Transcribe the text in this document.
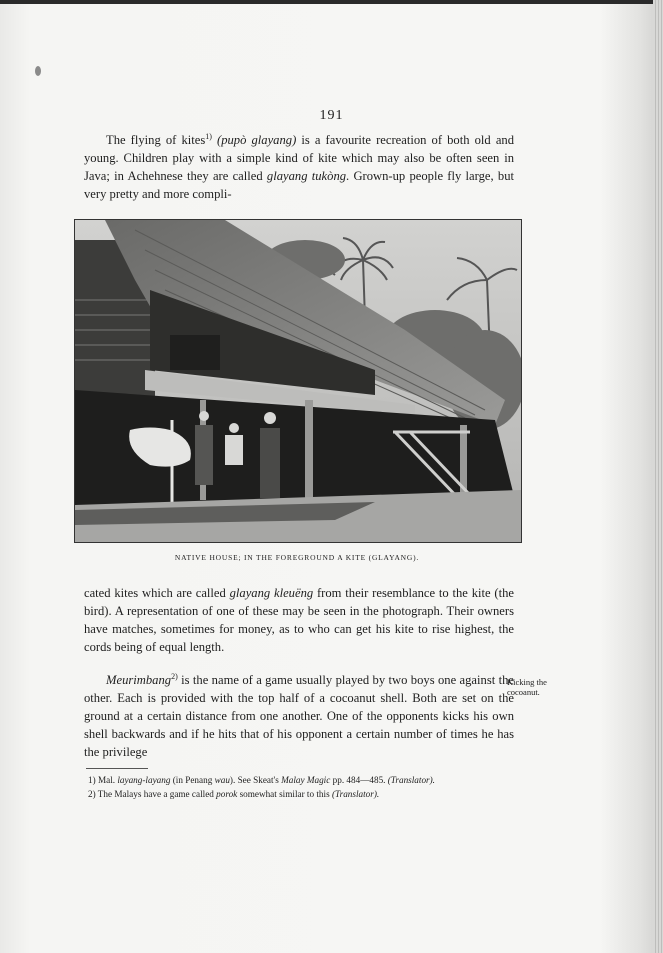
191

The flying of kites$^{1)}$ (pupò glayang) is a favourite recreation of both old and young. Children play with a simple kind of kite which may also be often seen in Java; in Achehnese they are called glayang tukòng. Grown-up people fly large, but very pretty and more compli-

NATIVE HOUSE; IN THE FOREGROUND A KITE (GLAYANG).

cated kites which are called glayang kleuëng from their resemblance to the kite (the bird). A representation of one of these may be seen in the photograph. Their owners have matches, sometimes for money, as to who can get his kite to rise highest, the cords being of equal length.

Meurimbang$^{2)}$ is the name of a game usually played by two boys one against the other. Each is provided with the top half of a cocoanut shell. Both are set on the ground at a certain distance from one another. One of the opponents kicks his own shell backwards and if he hits that of his opponent a certain number of times he has the privilege

Kicking the cocoanut.
1) Mal. layang-layang (in Penang wau). See Skeat's Malay Magic pp. 484—485. (Translator).
2) The Malays have a game called porok somewhat similar to this (Translator).
